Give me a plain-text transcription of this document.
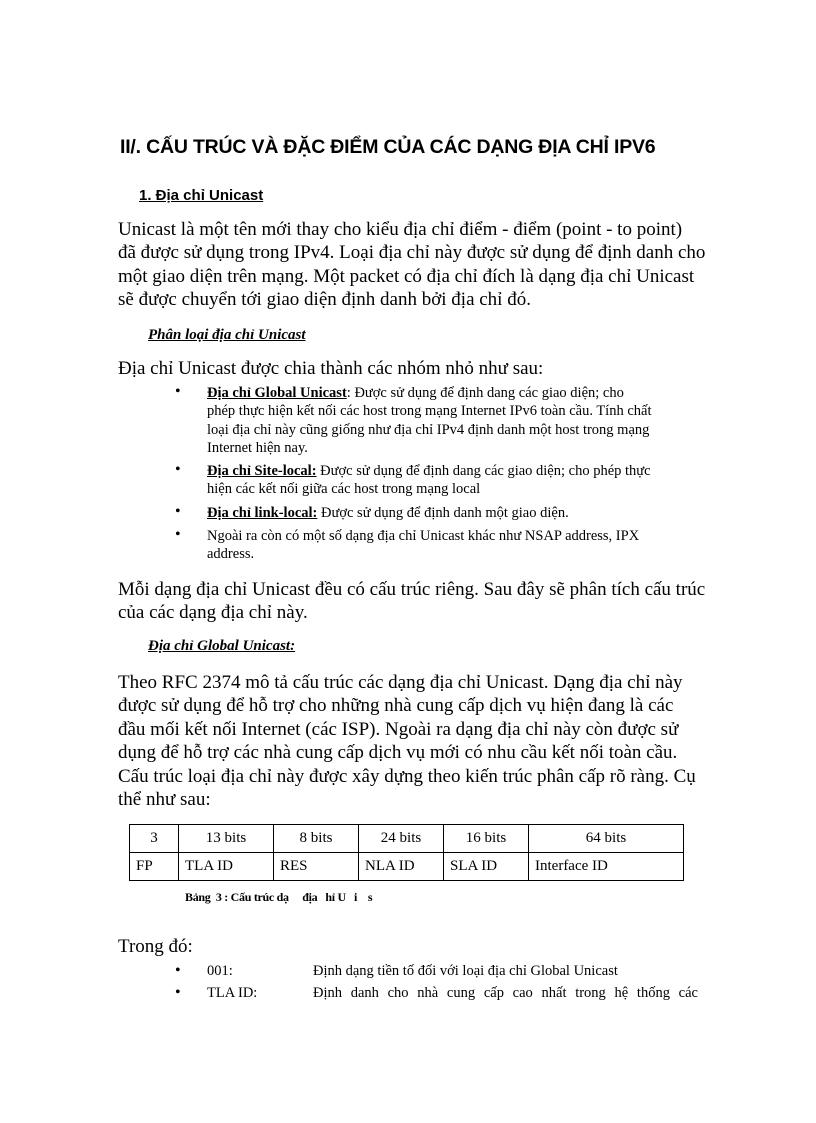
II/. CẤU TRÚC VÀ ĐẶC ĐIỂM CỦA CÁC DẠNG ĐỊA CHỈ IPV6
1. Địa chỉ Unicast

Unicast là một tên mới thay cho kiểu địa chỉ điểm - điểm (point - to point)
đã được sử dụng trong IPv4. Loại địa chỉ này được sử dụng để định danh cho
một giao diện trên mạng. Một packet có địa chỉ đích là dạng địa chỉ Unicast
sẽ được chuyển tới giao diện định danh bởi địa chỉ đó.

Phân loại địa chỉ Unicast

Địa chỉ Unicast được chia thành các nhóm nhỏ như sau:

• Địa chỉ Global Unicast: Được sử dụng để định dang các giao diện; cho
phép thực hiện kết nối các host trong mạng Internet IPv6 toàn cầu. Tính chất
loại địa chỉ này cũng giống như địa chỉ IPv4 định danh một host trong mạng
Internet hiện nay.
• Địa chỉ Site-local: Được sử dụng để định dang các giao diện; cho phép thực
hiện các kết nối giữa các host trong mạng local
• Địa chỉ link-local: Được sử dụng để định danh một giao diện.
• Ngoài ra còn có một số dạng địa chỉ Unicast khác như NSAP address, IPX
address.

Mỗi dạng địa chỉ Unicast đều có cấu trúc riêng. Sau đây sẽ phân tích cấu trúc
của các dạng địa chỉ này.

Địa chỉ Global Unicast:

Theo RFC 2374 mô tả cấu trúc các dạng địa chỉ Unicast. Dạng địa chỉ này
được sử dụng để hỗ trợ cho những nhà cung cấp dịch vụ hiện đang là các
đầu mối kết nối Internet (các ISP). Ngoài ra dạng địa chỉ này còn được sử
dụng để hỗ trợ các nhà cung cấp dịch vụ mới có nhu cầu kết nối toàn cầu.
Cấu trúc loại địa chỉ này được xây dựng theo kiến trúc phân cấp rõ ràng. Cụ
thể như sau:

3	13 bits	8 bits	24 bits	16 bits	64 bits
FP	TLA ID	RES	NLA ID	SLA ID	Interface ID
Bảng  3 : Cấu trúc dạ     địa   hỉ U   i    s

Trong đó:

• 001:	Định dạng tiền tố đối với loại địa chỉ Global Unicast
• TLA ID:	Định danh cho nhà cung cấp cao nhất trong hệ thống các
